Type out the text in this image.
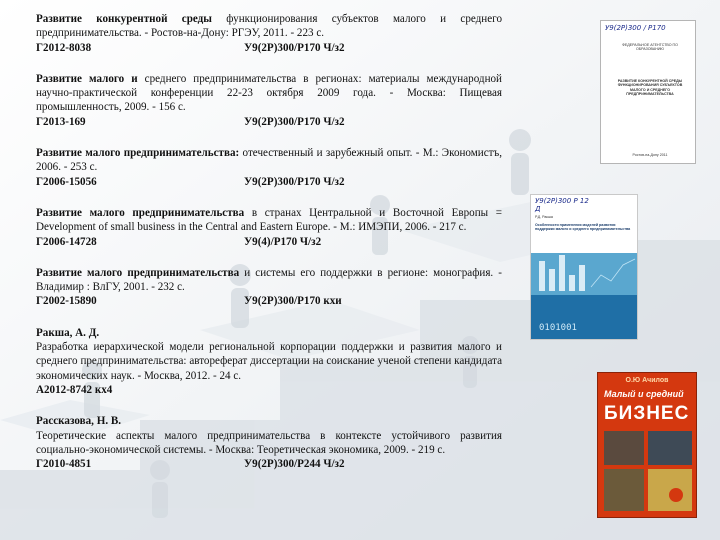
Развитие конкурентной среды функционирования субъектов малого и среднего предпринимательства. - Ростов-на-Дону: РГЭУ, 2011. - 223 с.
Г2012-8038	У9(2Р)300/Р170 Ч/з2
Развитие малого и среднего предпринимательства в регионах: материалы международной научно-практической конференции 22-23 октября 2009 года. - Москва: Пищевая промышленность, 2009. - 156 с.
Г2013-169	У9(2Р)300/Р170 Ч/з2
Развитие малого предпринимательства: отечественный и зарубежный опыт. - М.: Экономистъ, 2006. - 253 с.
Г2006-15056	У9(2Р)300/Р170 Ч/з2
Развитие малого предпринимательства в странах Центральной и Восточной Европы = Development of small business in the Central and Eastern Europe. - М.: ИМЭПИ, 2006. - 217 с.
Г2006-14728	У9(4)/Р170 Ч/з2
Развитие малого предпринимательства и системы его поддержки в регионе: монография. - Владимир : ВлГУ, 2001. - 232 с.
Г2002-15890	У9(2Р)300/Р170 кхи
Ракша, А. Д.
Разработка иерархической модели региональной корпорации поддержки и развития малого и среднего предпринимательства: автореферат диссертации на соискание ученой степени кандидата экономических наук. - Москва, 2012. - 24 с.
А2012-8742 кх4
Рассказова, Н. В.
Теоретические аспекты малого предпринимательства в контексте устойчивого развития социально-экономической системы. - Москва: Теоретическая экономика, 2009. - 219 с.
Г2010-4851	У9(2Р)300/Р244 Ч/з2
У9(2Р)300 / Р170
ФЕДЕРАЛЬНОЕ АГЕНТСТВО ПО ОБРАЗОВАНИЮ
РАЗВИТИЕ КОНКУРЕНТНОЙ СРЕДЫ ФУНКЦИОНИРОВАНИЯ СУБЪЕКТОВ МАЛОГО И СРЕДНЕГО ПРЕДПРИНИМАТЕЛЬСТВА
Ростов-на-Дону 2011
У9(2Р)300 Р 12 Д
Р.Д. Ракша
Особенности применения моделей развития поддержки малого и среднего предпринимательства
0101001
О.Ю Ачилов
Малый и средний
БИЗНЕС
